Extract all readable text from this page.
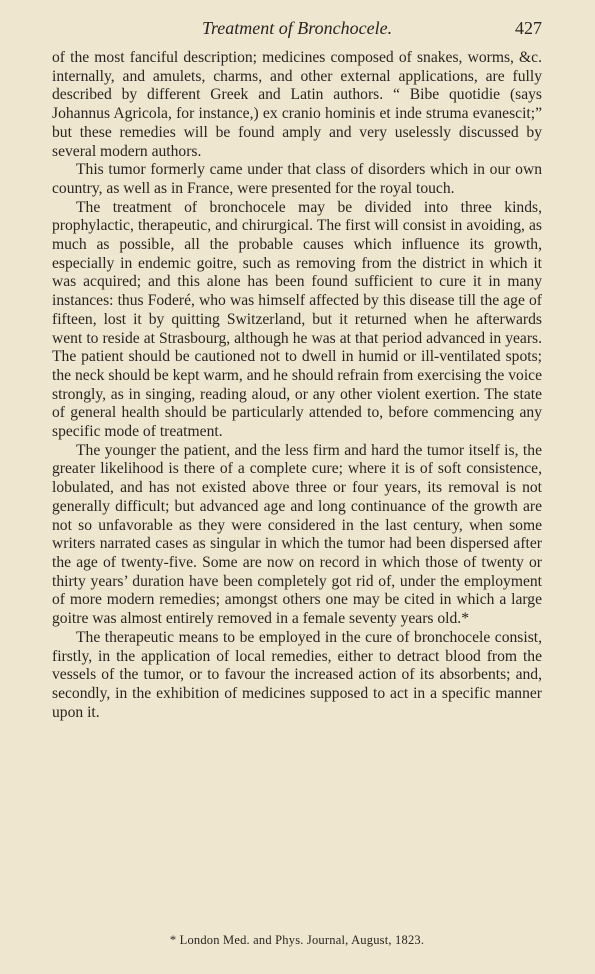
Treatment of Bronchocele.	427

of the most fanciful description; medicines composed of snakes, worms, &c. internally, and amulets, charms, and other external applications, are fully described by different Greek and Latin authors. “ Bibe quotidie (says Johannus Agricola, for instance,) ex cranio hominis et inde struma evanescit;” but these remedies will be found amply and very uselessly discussed by several modern authors.

This tumor formerly came under that class of disorders which in our own country, as well as in France, were presented for the royal touch.

The treatment of bronchocele may be divided into three kinds, prophylactic, therapeutic, and chirurgical. The first will consist in avoiding, as much as possible, all the probable causes which influence its growth, especially in endemic goitre, such as removing from the district in which it was acquired; and this alone has been found sufficient to cure it in many instances: thus Foderé, who was himself affected by this disease till the age of fifteen, lost it by quitting Switzerland, but it returned when he afterwards went to reside at Strasbourg, although he was at that period advanced in years. The patient should be cautioned not to dwell in humid or ill-ventilated spots; the neck should be kept warm, and he should refrain from exercising the voice strongly, as in singing, reading aloud, or any other violent exertion. The state of general health should be particularly attended to, before commencing any specific mode of treatment.

The younger the patient, and the less firm and hard the tumor itself is, the greater likelihood is there of a complete cure; where it is of soft consistence, lobulated, and has not existed above three or four years, its removal is not generally difficult; but advanced age and long continuance of the growth are not so unfavorable as they were considered in the last century, when some writers narrated cases as singular in which the tumor had been dispersed after the age of twenty-five. Some are now on record in which those of twenty or thirty years’ duration have been completely got rid of, under the employment of more modern remedies; amongst others one may be cited in which a large goitre was almost entirely removed in a female seventy years old.*

The therapeutic means to be employed in the cure of bronchocele consist, firstly, in the application of local remedies, either to detract blood from the vessels of the tumor, or to favour the increased action of its absorbents; and, secondly, in the exhibition of medicines supposed to act in a specific manner upon it.

* London Med. and Phys. Journal, August, 1823.
